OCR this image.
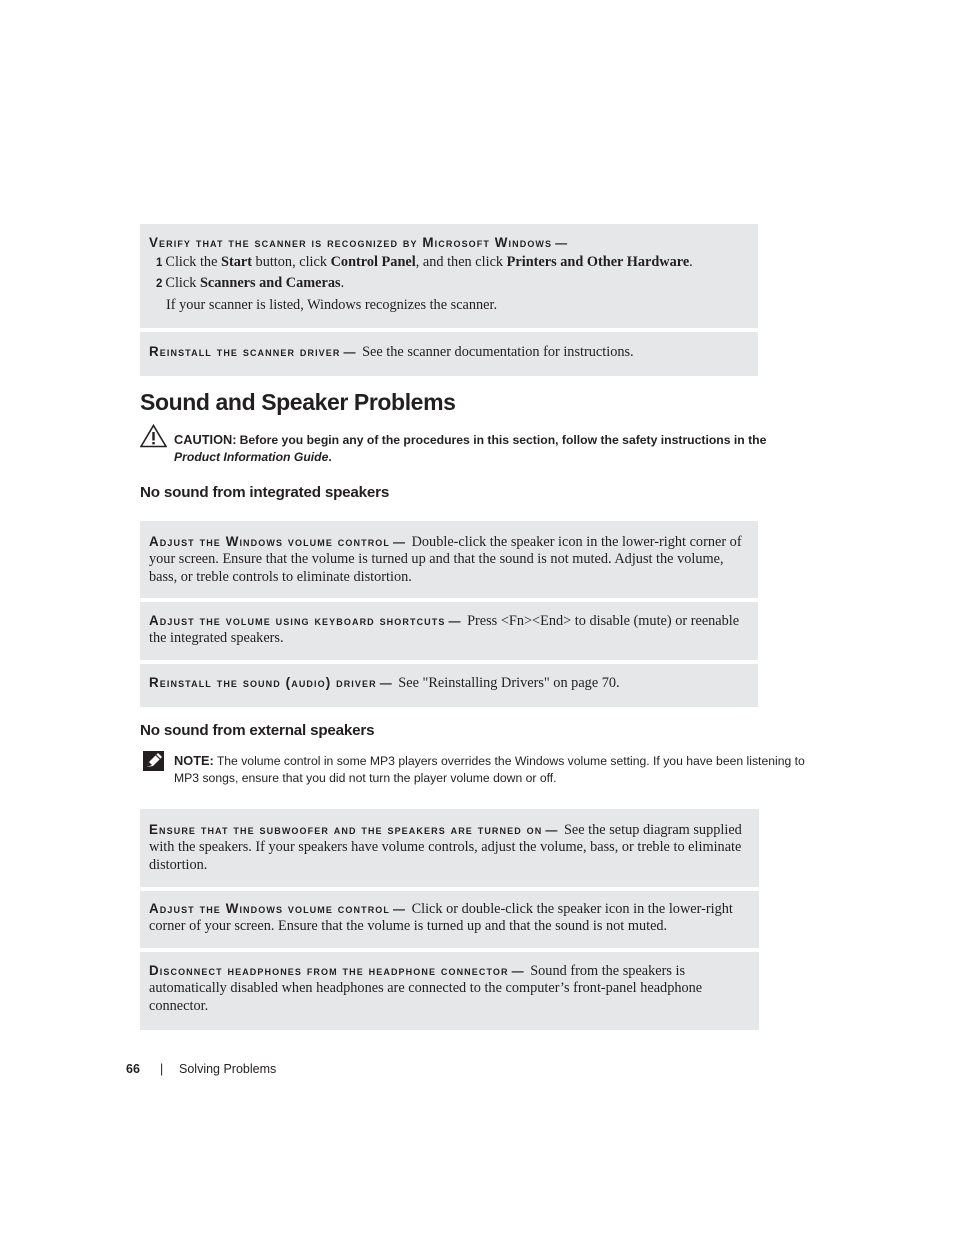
Verify that the scanner is recognized by Microsoft Windows —
1 Click the Start button, click Control Panel, and then click Printers and Other Hardware.
2 Click Scanners and Cameras.
If your scanner is listed, Windows recognizes the scanner.
Reinstall the scanner driver — See the scanner documentation for instructions.
Sound and Speaker Problems
CAUTION: Before you begin any of the procedures in this section, follow the safety instructions in the
Product Information Guide.
No sound from integrated speakers
Adjust the Windows volume control — Double-click the speaker icon in the lower-right corner of your screen. Ensure that the volume is turned up and that the sound is not muted. Adjust the volume, bass, or treble controls to eliminate distortion.
Adjust the volume using keyboard shortcuts — Press <Fn><End> to disable (mute) or reenable the integrated speakers.
Reinstall the sound (audio) driver — See "Reinstalling Drivers" on page 70.
No sound from external speakers
NOTE: The volume control in some MP3 players overrides the Windows volume setting. If you have been listening to MP3 songs, ensure that you did not turn the player volume down or off.
Ensure that the subwoofer and the speakers are turned on — See the setup diagram supplied with the speakers. If your speakers have volume controls, adjust the volume, bass, or treble to eliminate distortion.
Adjust the Windows volume control — Click or double-click the speaker icon in the lower-right corner of your screen. Ensure that the volume is turned up and that the sound is not muted.
Disconnect headphones from the headphone connector — Sound from the speakers is automatically disabled when headphones are connected to the computer’s front-panel headphone connector.
66 | Solving Problems
